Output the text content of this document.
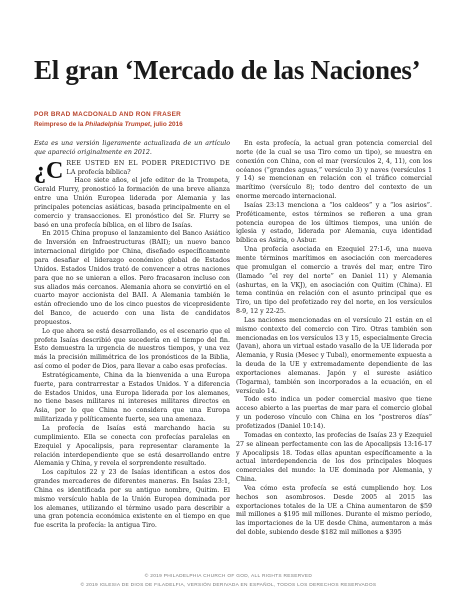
El gran ‘Mercado de las Naciones’
POR BRAD MACDONALD AND RON FRASER
Reimpreso de la Philadelphia Trumpet, julio 2016

Esta es una versión ligeramente actualizada de un artículo que apareció originalmente en 2012.

¿C REE USTED EN EL PODER PREDICTIVO DE LA profecía bíblica?

Hace siete años, el jefe editor de la Trompeta, Gerald Flurry, pronosticó la formación de una breve alianza entre una Unión Europea liderada por Alemania y las principales potencias asiáticas, basada principalmente en el comercio y transacciones. El pronóstico del Sr. Flurry se basó en una profecía bíblica, en el libro de Isaías.

En 2015 China propuso el lanzamiento del Banco Asiático de Inversión en Infraestructuras (BAII); un nuevo banco internacional dirigido por China, diseñado específicamente para desafiar el liderazgo económico global de Estados Unidos. Estados Unidos trató de convencer a otras naciones para que no se unieran a ellos. Pero fracasaron incluso con sus aliados más cercanos. Alemania ahora se convirtió en el cuarto mayor accionista del BAII. A Alemania también le están ofreciendo uno de los cinco puestos de vicepresidente del Banco, de acuerdo con una lista de candidatos propuestos.

Lo que ahora se está desarrollando, es el escenario que el profeta Isaías describió que sucedería en el tiempo del fin. Esto demuestra la urgencia de nuestros tiempos, y una vez más la precisión milimétrica de los pronósticos de la Biblia, así como el poder de Dios, para llevar a cabo esas profecías.

Estratégicamente, China da la bienvenida a una Europa fuerte, para contrarrestar a Estados Unidos. Y a diferencia de Estados Unidos, una Europa liderada por los alemanes, no tiene bases militares ni intereses militares directos en Asia, por lo que China no considera que una Europa militarizada y políticamente fuerte, sea una amenaza.

La profecía de Isaías está marchando hacia su cumplimiento. Ella se conecta con profecías paralelas en Ezequiel y Apocalipsis, para representar claramente la relación interdependiente que se está desarrollando entre Alemania y China, y revela el sorprendente resultado.

Los capítulos 22 y 23 de Isaías identifican a estos dos grandes mercaderes de diferentes maneras. En Isaías 23:1, China es identificada por su antiguo nombre, Quitim. El mismo versículo habla de la Unión Europea dominada por los alemanes, utilizando el término usado para describir a una gran potencia económica existente en el tiempo en que fue escrita la profecía: la antigua Tiro.

En esta profecía, la actual gran potencia comercial del norte (de la cual se usa Tiro como un tipo), se muestra en conexión con China, con el mar (versículos 2, 4, 11), con los océanos (“grandes aguas,” versículo 3) y naves (versículos 1 y 14) se mencionan en relación con el tráfico comercial marítimo (versículo 8); todo dentro del contexto de un enorme mercado internacional.

Isaías 23:13 menciona a “los caldeos” y a “los asirios”. Proféticamente, estos términos se refieren a una gran potencia europea de los últimos tiempos, una unión de iglesia y estado, liderada por Alemania, cuya identidad bíblica es Asiria, o Asbur.

Una profecía asociada en Ezequiel 27:1-6, una nueva mente términos marítimos en asociación con mercaderes que promulgan el comercio a través del mar, entre Tiro (llamado “el rey del norte” en Daniel 11) y Alemania (ashurtas, en la VKJ), en asociación con Quitim (China). El tema continúa en relación con el asunto principal que es Tiro, un tipo del profetizado rey del norte, en los versículos 8-9, 12 y 22-25.

Las naciones mencionadas en el versículo 21 están en el mismo contexto del comercio con Tiro. Otras también son mencionadas en los versículos 13 y 15, especialmente Grecia (Javan), ahora un virtual estado vasallo de la UE liderada por Alemania, y Rusia (Mesec y Tubal), enormemente expuesta a la deuda de la UE y extremadamente dependiente de las exportaciones alemanas. Japón y el sureste asiático (Togarma), también son incorporados a la ecuación, en el versículo 14.

Todo esto indica un poder comercial masivo que tiene acceso abierto a las puertas de mar para el comercio global y un poderoso vínculo con China en los “postreros días” profetizados (Daniel 10:14).

Tomadas en contexto, las profecías de Isaías 23 y Ezequiel 27 se alinean perfectamente con las de Apocalipsis 13:16-17 y Apocalipsis 18. Todas ellas apuntan específicamente a la actual interdependencia de los dos principales bloques comerciales del mundo: la UE dominada por Alemania, y China.

Vea cómo esta profecía se está cumpliendo hoy. Los hechos son asombrosos. Desde 2005 al 2015 las exportaciones totales de la UE a China aumentaron de $59 mil millones a $195 mil millones. Durante el mismo período, las importaciones de la UE desde China, aumentaron a más del doble, subiendo desde $182 mil millones a $395

© 2019 PHILADELPHIA CHURCH OF GOD, ALL RIGHTS RESERVED
© 2019 IGLESIA DE DIOS DE FILADELFIA, VERSIÓN DERIVADA EN ESPAÑOL, TODOS LOS DERECHOS RESERVADOS
